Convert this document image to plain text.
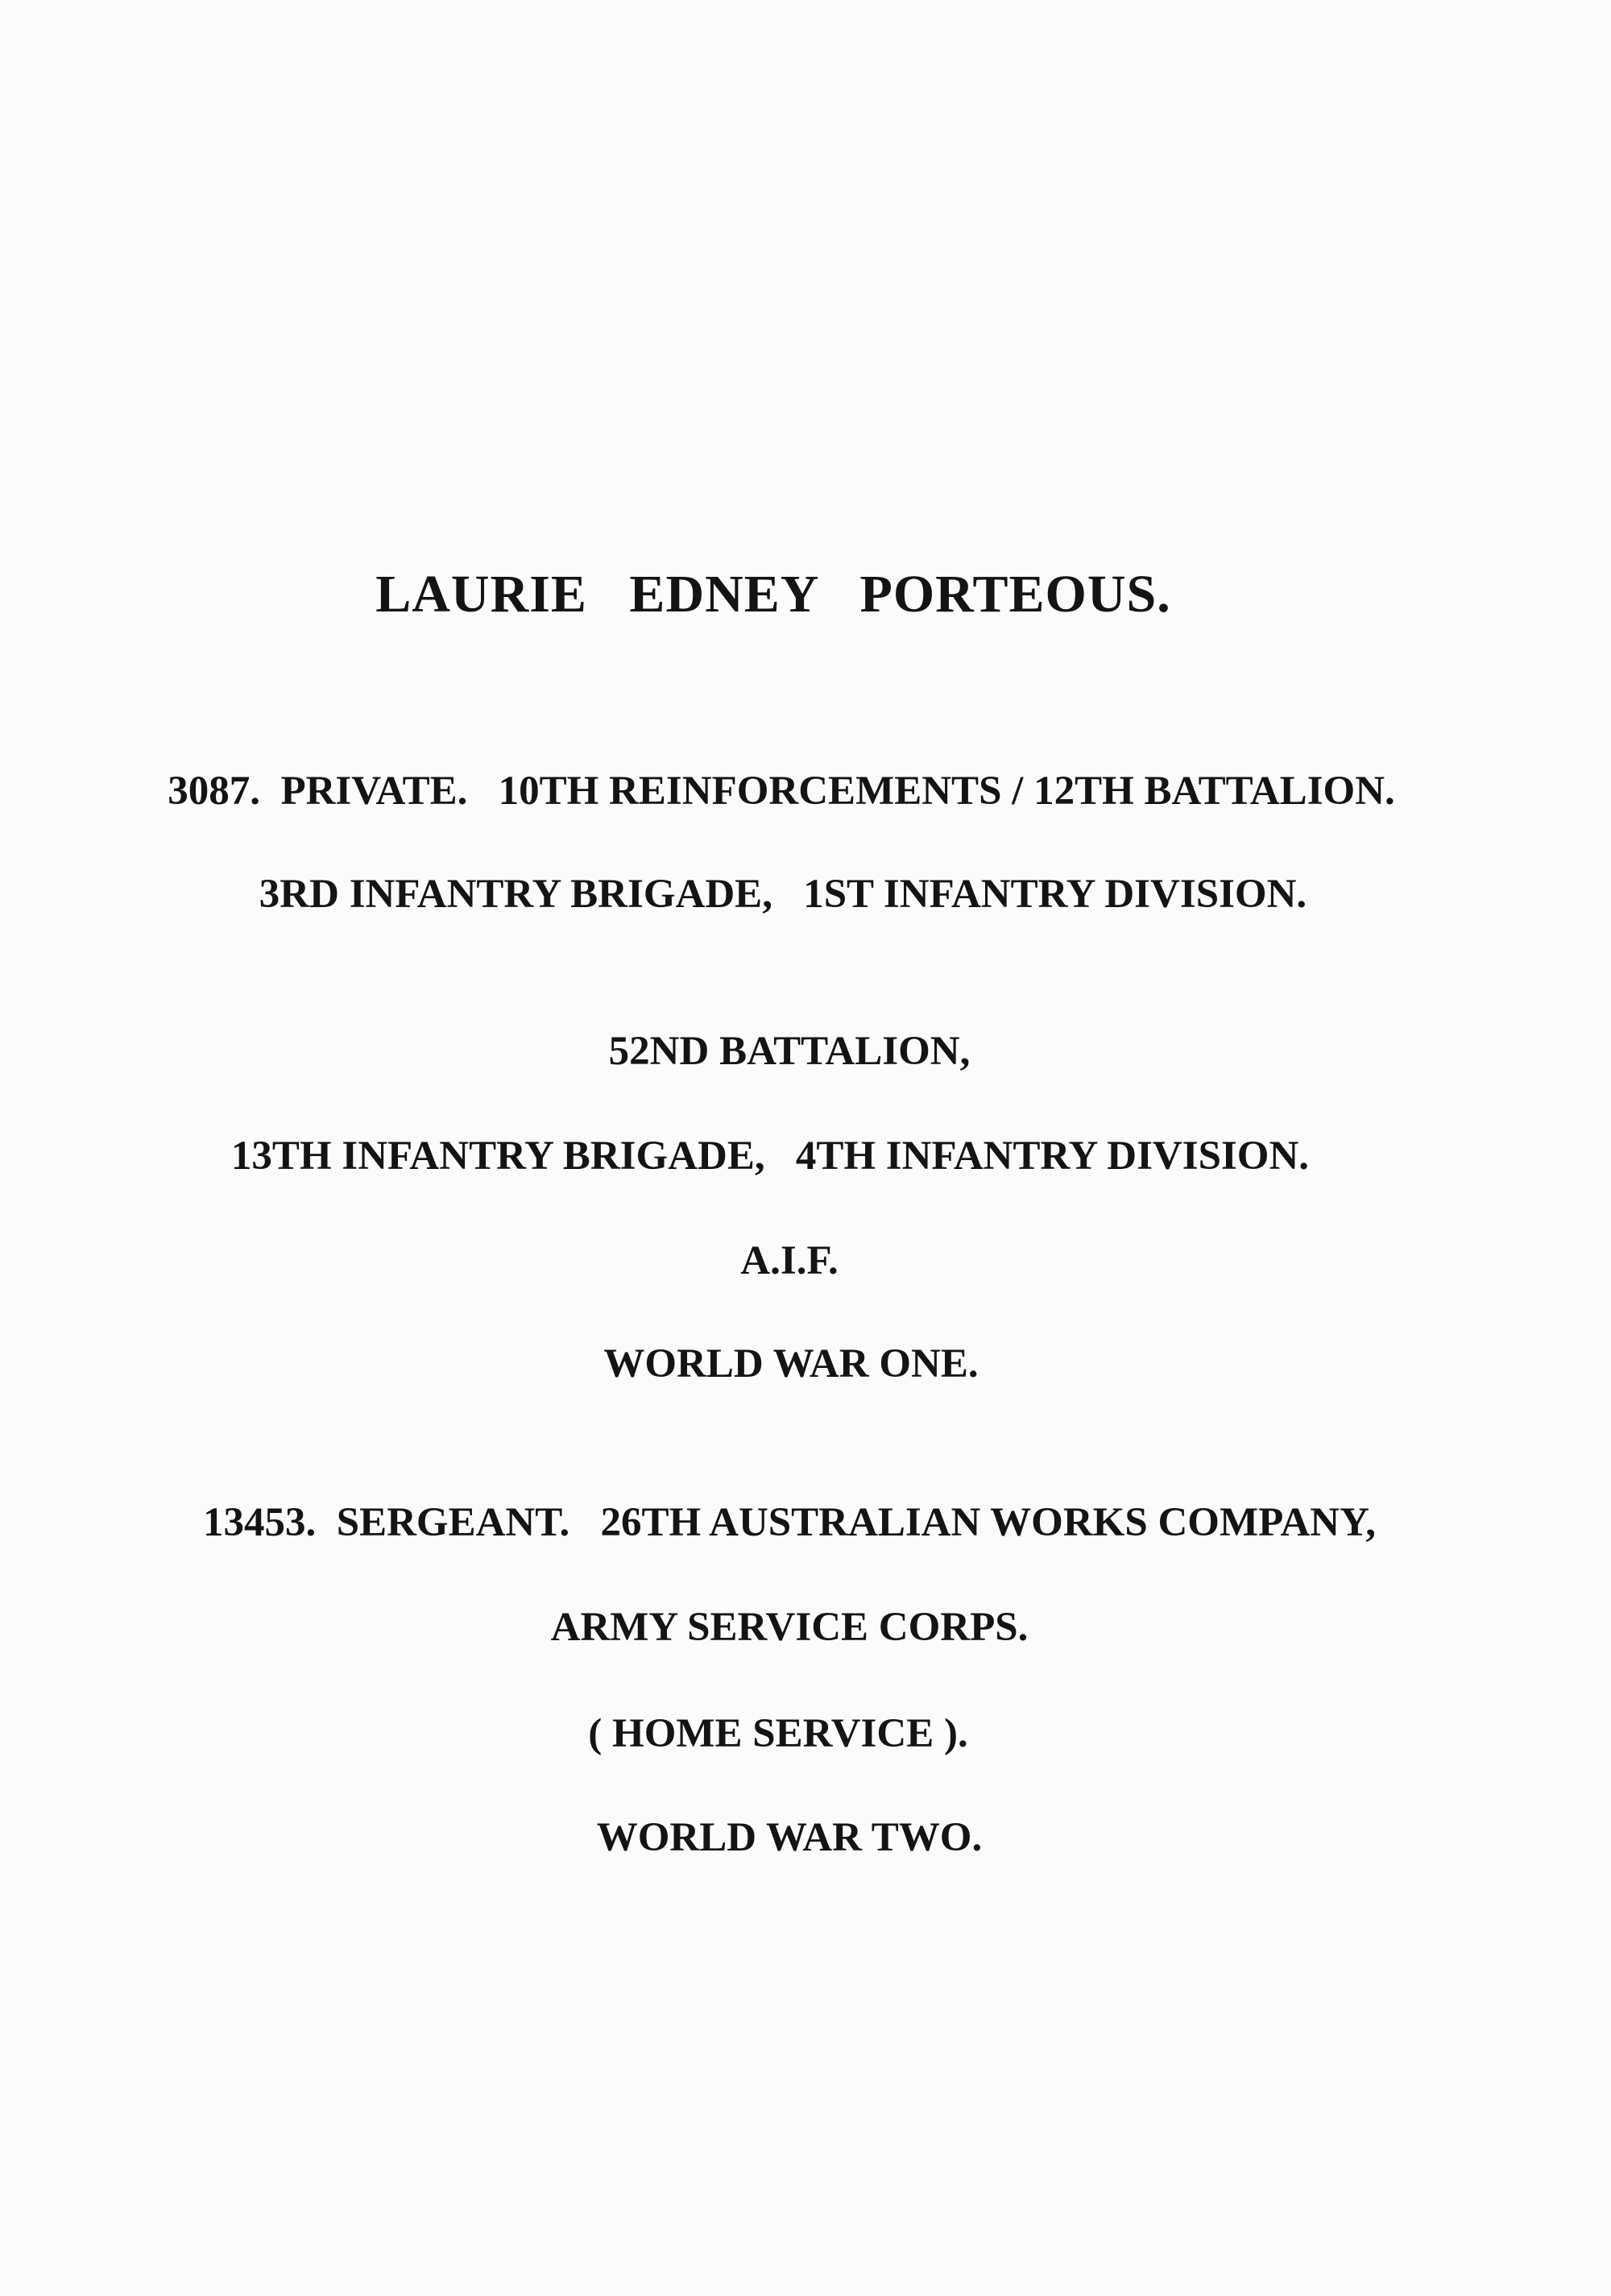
LAURIE   EDNEY   PORTEOUS.
3087.  PRIVATE.   10TH REINFORCEMENTS / 12TH BATTALION.
3RD INFANTRY BRIGADE,   1ST INFANTRY DIVISION.
52ND BATTALION,
13TH INFANTRY BRIGADE,   4TH INFANTRY DIVISION.
A.I.F.
WORLD WAR ONE.
13453.  SERGEANT.   26TH AUSTRALIAN WORKS COMPANY,
ARMY SERVICE CORPS.
( HOME SERVICE ).
WORLD WAR TWO.
